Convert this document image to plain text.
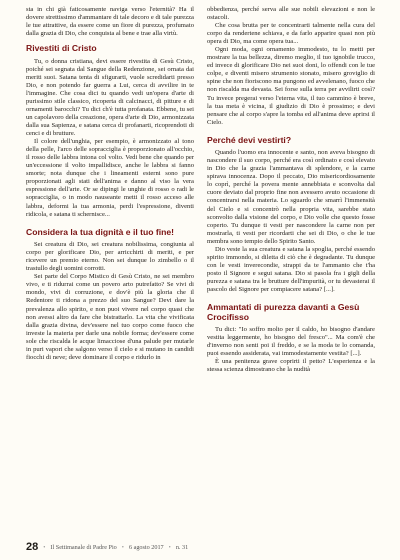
sta in chi già faticosamente naviga verso l'eternità? Ha il dovere strettissimo d'ammantare di tale decoro e di tale purezza le tue attrattive, da essere come un fiore di purezza, profumato dalla grazia di Dio, che conquista al bene e trae alla virtù.

Rivestiti di Cristo

Tu, o donna cristiana, devi essere rivestita di Gesù Cristo, poiché sei segnata dal Sangue della Redenzione, sei ornata dai meriti suoi. Satana tenta di sfigurarti, vuole scredidarti presso Dio, e non potendo far guerra a Lui, cerca di avvilire in te l'immagine. Che cosa dici tu quando vedi un'opera d'arte di purissimo stile classico, ricoperta di calcinacci, di pitture e di ornamenti barocchi? Tu dici ch'è tutta profanata. Ebbene, tu sei un capolavoro della creazione, opera d'arte di Dio, armonizzata dalla sua Sapienza, e satana cerca di profanarti, ricoprendoti di cenci e di brutture.

Il colore dell'unghia, per esempio, è armonizzato al tono della pelle, l'arco delle sopracciglia è proporzionato all'occhio, il rosso delle labbra intona col volto. Vedi bene che quando per un'eccessione il volto impallidisce, anche le labbra si fanno smorte; nota dunque che i lineamenti esterni sono pure proporzionati agli stati dell'anima e danno al viso la vera espressione dell'arte. Or se dipingi le unghie di rosso o radi le sopracciglia, o in modo nauseante metti il rosso acceso alle labbra, deformi la tua armonia, perdi l'espressione, diventi ridicola, e satana ti schernisce...

Considera la tua dignità e il tuo fine!

Sei creatura di Dio, sei creatura nobilissima, congiunta al corpo per glorificare Dio, per arricchirti di meriti, e per ricevere un premio eterno. Non sei dunque lo zimbello o il trastullo degli uomini corrotti.

Sei parte del Corpo Mistico di Gesù Cristo, ne sei membro vivo, e ti ridurrai come un povero arto putrefatto? Se vivi di mondo, vivi di corruzione, e dov'è più la gloria che il Redentore ti ridona a prezzo del suo Sangue? Devi dare la prevalenza allo spirito, e non puoi vivere nel corpo quasi che non avessi altro da fare che bistrattarlo. La vita che vivificata dalla grazia divina, dev'essere nel tuo corpo come fuoco che investe la materia per darle una nobile forma; dev'essere come sole che riscalda le acque limacciose d'una palude per mutarle in puri vapori che salgono verso il cielo e si mutano in candidi fiocchi di neve; deve dominare il corpo e ridurlo in

obbedienza, perché serva alle sue nobili elevazioni e non le ostacoli.

Che cosa brutta per te concentrarti talmente nella cura del corpo da rendertene schiava, e da farlo apparire quasi non più opera di Dio, ma come opera tua...

Ogni moda, ogni ornamento immodesto, tu lo metti per mostrare la tua bellezza, diremo meglio, il tuo ignobile trucco, ed invece di glorificare Dio nei suoi doni, lo offendi con le tue colpe, e diventi misero strumento stonato, misero groviglio di spine che non fioriscono ma pungono ed avvelenano, fuoco che non riscalda ma devasta. Sei forse sulla terra per avvilirti così? Tu invece pregerai verso l'eterna vita, il tuo cammino è breve, la tua meta è vicina, il giudizio di Dio è prossimo; e devi pensare che al corpo s'apre la tomba ed all'anima deve aprirsi il Cielo.

Perché devi vestirti?

Quando l'uomo era innocente e santo, non aveva bisogno di nascondere il suo corpo, perché era così ordinato e così elevato in Dio che la grazia l'ammantava di splendore, e la carne spirava innocenza. Dopo il peccato, Dio misericordiosamente lo coprì, perché la povera mente annebbiata e sconvolta dal cuore deviato dal proprio fine non avessero avuto occasione di concentrarsi nella materia. Lo sguardo che smarrì l'immensità del Cielo e si concentrò nella propria vita, sarebbe stato sconvolto dalla visione del corpo, e Dio volle che questo fosse coperto. Tu dunque ti vesti per nascondere la carne non per mostrarla, ti vesti per ricordarti che sei di Dio, o che le tue membra sono tempio dello Spirito Santo.

Dio veste la sua creatura e satana la spoglia, perché essendo spirito immondo, si diletta di ciò che è degradante. Tu dunque con le vesti inverecondie, strappi da te l'ammanto che t'ha posto il Signore e segui satana. Dio si pasola fra i gigli della purezza e satana tra le brutture dell'impurità, or tu devasterai il pascolo del Signore per compiacere satana? [...].

Ammantati di purezza davanti a Gesù Crocifisso

Tu dici: "Io soffro molto per il caldo, ho bisogno d'andare vestita leggermente, ho bisogno del fresco"... Ma com'è che d'inverno non senti poi il freddo, e se la moda te lo comanda, puoi essendo assiderata, vai immodestamente vestita? [...].

È una penitenza grave coprirti il petto? L'esperienza e la stessa scienza dimostrano che la nudità

28 • Il Settimanale di Padre Pio • 6 agosto 2017 • n. 31
